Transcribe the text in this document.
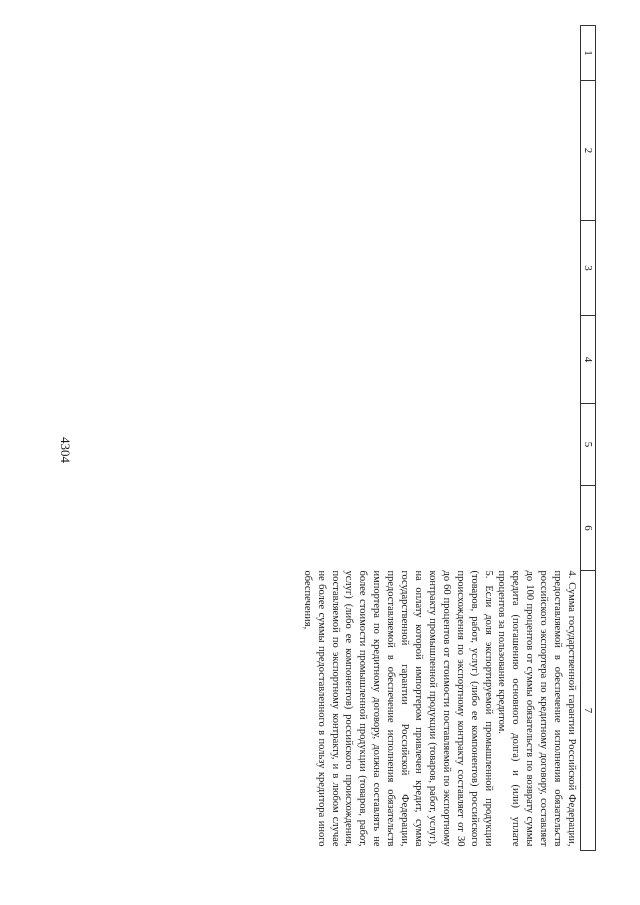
4304
1	2	3	4	5	6	7

						4. Сумма государственной гарантии Российской Федерации, предоставляемой в обеспечение исполнения обязательств российского экспортера по кредитному договору, составляет до 100 процентов от суммы обязательств по возврату суммы кредита (погашению основного долга) и (или) уплате процентов за пользование кредитом.

5. Если доля экспортируемой промышленной продукции (товаров, работ, услуг) (либо ее компонентов) российского происхождения по экспортному контракту составляет от 30 до 60 процентов от стоимости поставляемой по экспортному контракту промышленной продукции (товаров, работ, услуг), на оплату которой импортером привлечен кредит, сумма государственной гарантии Российской Федерации, предоставляемой в обеспечение исполнения обязательств импортера по кредитному договору, должна составлять не более стоимости промышленной продукции (товаров, работ, услуг) (либо ее компонентов) российского происхождения, поставляемой по экспортному контракту, и в любом случае не более суммы предоставленного в пользу кредитора иного обеспечения,
